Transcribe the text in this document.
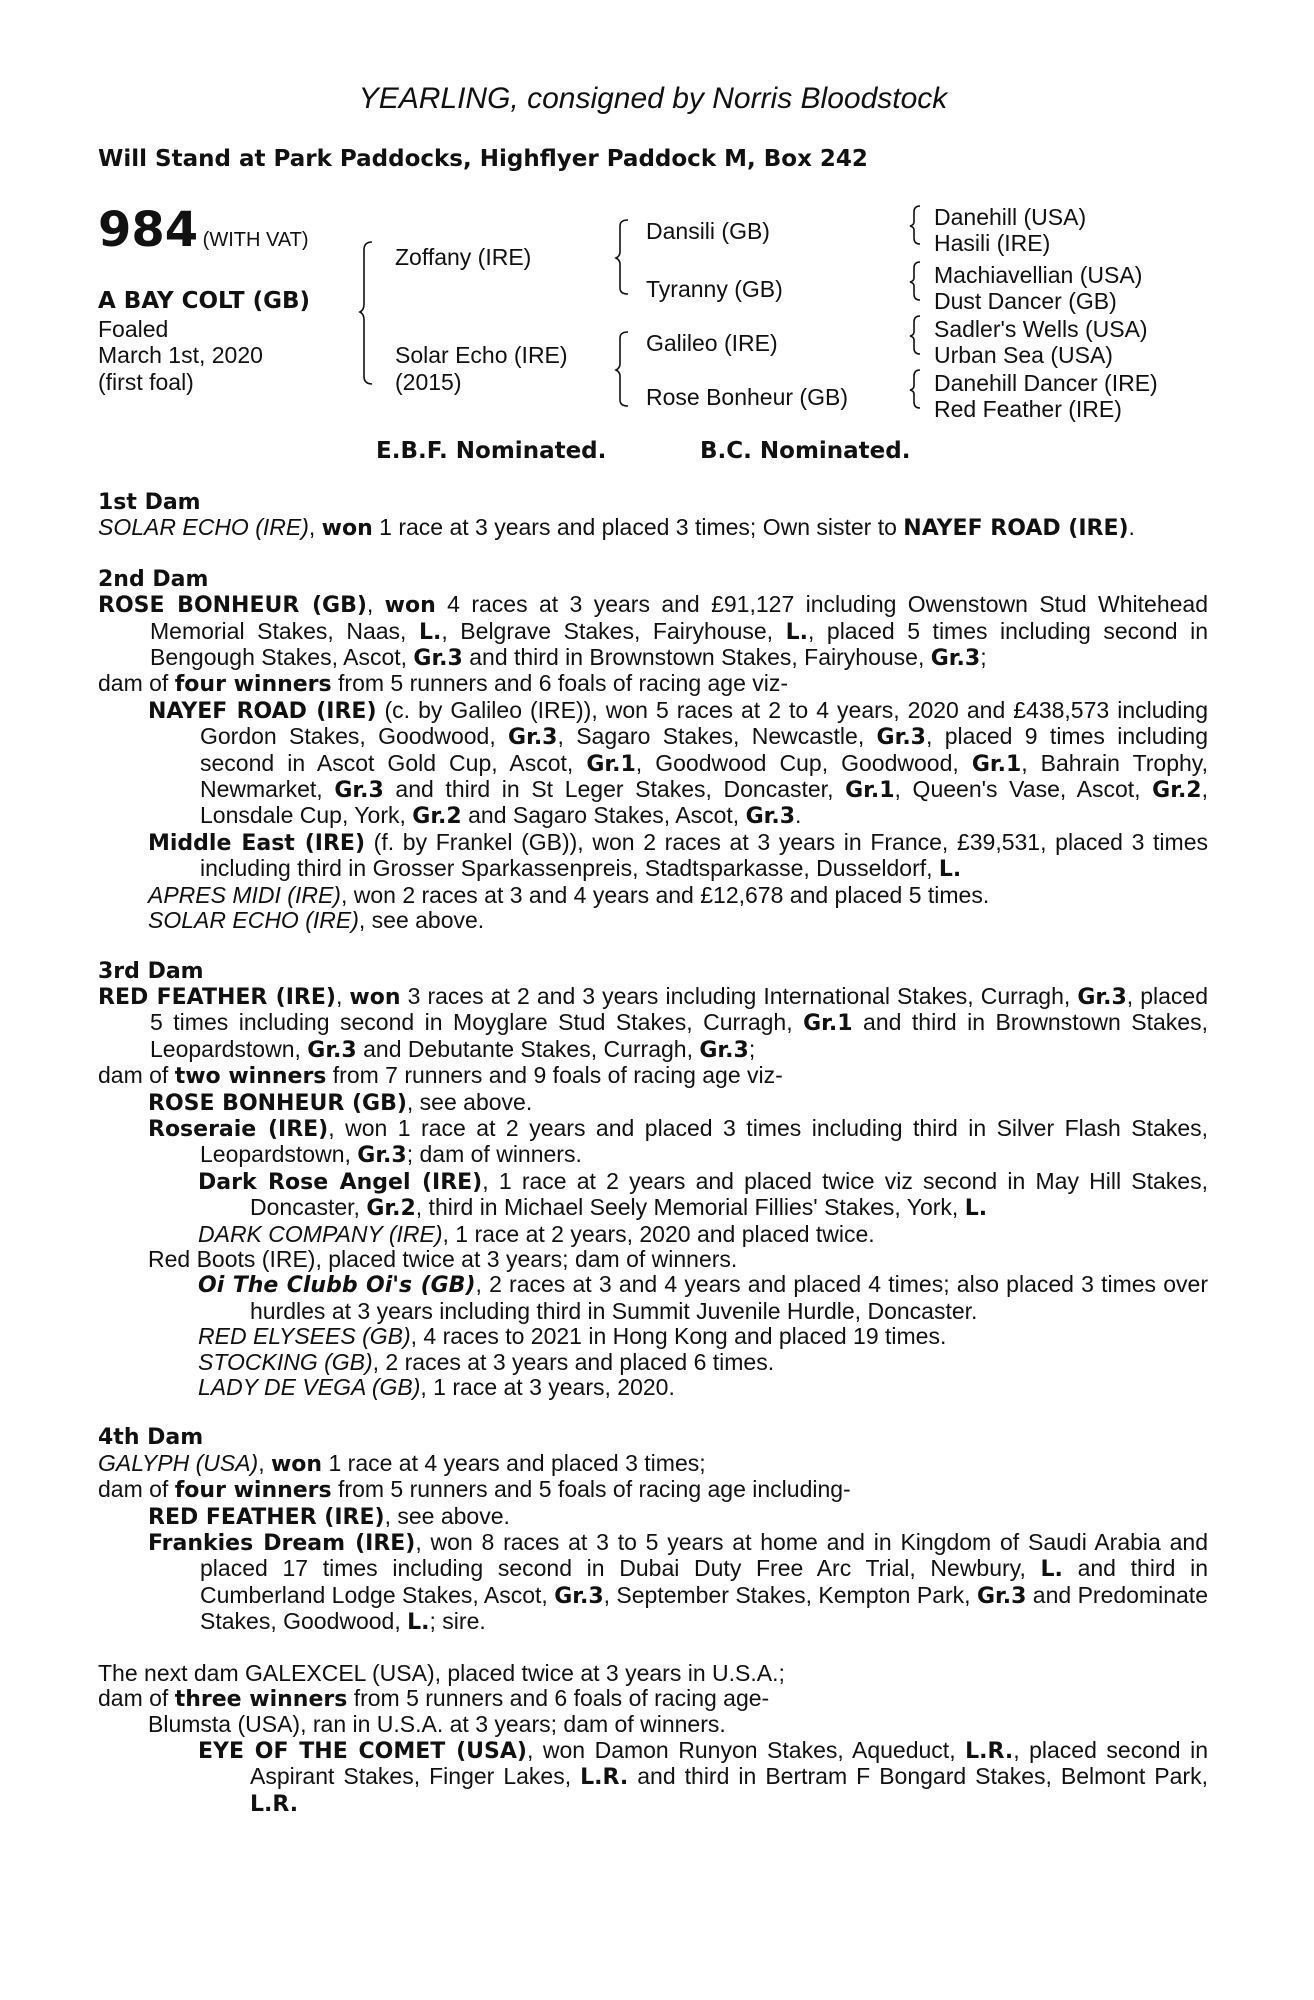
YEARLING, consigned by Norris Bloodstock
Will Stand at Park Paddocks, Highflyer Paddock M, Box 242
984 (WITH VAT)
A BAY COLT (GB)
Foaled
March 1st, 2020
(first foal)
Zoffany (IRE)
Solar Echo (IRE)
(2015)
Dansili (GB)
Tyranny (GB)
Galileo (IRE)
Rose Bonheur (GB)
Danehill (USA)
Hasili (IRE)
Machiavellian (USA)
Dust Dancer (GB)
Sadler's Wells (USA)
Urban Sea (USA)
Danehill Dancer (IRE)
Red Feather (IRE)
E.B.F. Nominated.	B.C. Nominated.

1st Dam

SOLAR ECHO (IRE), won 1 race at 3 years and placed 3 times; Own sister to NAYEF ROAD (IRE).

2nd Dam

ROSE BONHEUR (GB), won 4 races at 3 years and £91,127 including Owenstown Stud Whitehead Memorial Stakes, Naas, L., Belgrave Stakes, Fairyhouse, L., placed 5 times including second in Bengough Stakes, Ascot, Gr.3 and third in Brownstown Stakes, Fairyhouse, Gr.3;

dam of four winners from 5 runners and 6 foals of racing age viz-

NAYEF ROAD (IRE) (c. by Galileo (IRE)), won 5 races at 2 to 4 years, 2020 and £438,573 including Gordon Stakes, Goodwood, Gr.3, Sagaro Stakes, Newcastle, Gr.3, placed 9 times including second in Ascot Gold Cup, Ascot, Gr.1, Goodwood Cup, Goodwood, Gr.1, Bahrain Trophy, Newmarket, Gr.3 and third in St Leger Stakes, Doncaster, Gr.1, Queen's Vase, Ascot, Gr.2, Lonsdale Cup, York, Gr.2 and Sagaro Stakes, Ascot, Gr.3.

Middle East (IRE) (f. by Frankel (GB)), won 2 races at 3 years in France, £39,531, placed 3 times including third in Grosser Sparkassenpreis, Stadtsparkasse, Dusseldorf, L.

APRES MIDI (IRE), won 2 races at 3 and 4 years and £12,678 and placed 5 times.

SOLAR ECHO (IRE), see above.

3rd Dam

RED FEATHER (IRE), won 3 races at 2 and 3 years including International Stakes, Curragh, Gr.3, placed 5 times including second in Moyglare Stud Stakes, Curragh, Gr.1 and third in Brownstown Stakes, Leopardstown, Gr.3 and Debutante Stakes, Curragh, Gr.3;

dam of two winners from 7 runners and 9 foals of racing age viz-

ROSE BONHEUR (GB), see above.

Roseraie (IRE), won 1 race at 2 years and placed 3 times including third in Silver Flash Stakes, Leopardstown, Gr.3; dam of winners.

Dark Rose Angel (IRE), 1 race at 2 years and placed twice viz second in May Hill Stakes, Doncaster, Gr.2, third in Michael Seely Memorial Fillies' Stakes, York, L.

DARK COMPANY (IRE), 1 race at 2 years, 2020 and placed twice.

Red Boots (IRE), placed twice at 3 years; dam of winners.

Oi The Clubb Oi's (GB), 2 races at 3 and 4 years and placed 4 times; also placed 3 times over hurdles at 3 years including third in Summit Juvenile Hurdle, Doncaster.

RED ELYSEES (GB), 4 races to 2021 in Hong Kong and placed 19 times.

STOCKING (GB), 2 races at 3 years and placed 6 times.

LADY DE VEGA (GB), 1 race at 3 years, 2020.

4th Dam

GALYPH (USA), won 1 race at 4 years and placed 3 times;

dam of four winners from 5 runners and 5 foals of racing age including-

RED FEATHER (IRE), see above.

Frankies Dream (IRE), won 8 races at 3 to 5 years at home and in Kingdom of Saudi Arabia and placed 17 times including second in Dubai Duty Free Arc Trial, Newbury, L. and third in Cumberland Lodge Stakes, Ascot, Gr.3, September Stakes, Kempton Park, Gr.3 and Predominate Stakes, Goodwood, L.; sire.

The next dam GALEXCEL (USA), placed twice at 3 years in U.S.A.;

dam of three winners from 5 runners and 6 foals of racing age-

Blumsta (USA), ran in U.S.A. at 3 years; dam of winners.

EYE OF THE COMET (USA), won Damon Runyon Stakes, Aqueduct, L.R., placed second in Aspirant Stakes, Finger Lakes, L.R. and third in Bertram F Bongard Stakes, Belmont Park, L.R.
